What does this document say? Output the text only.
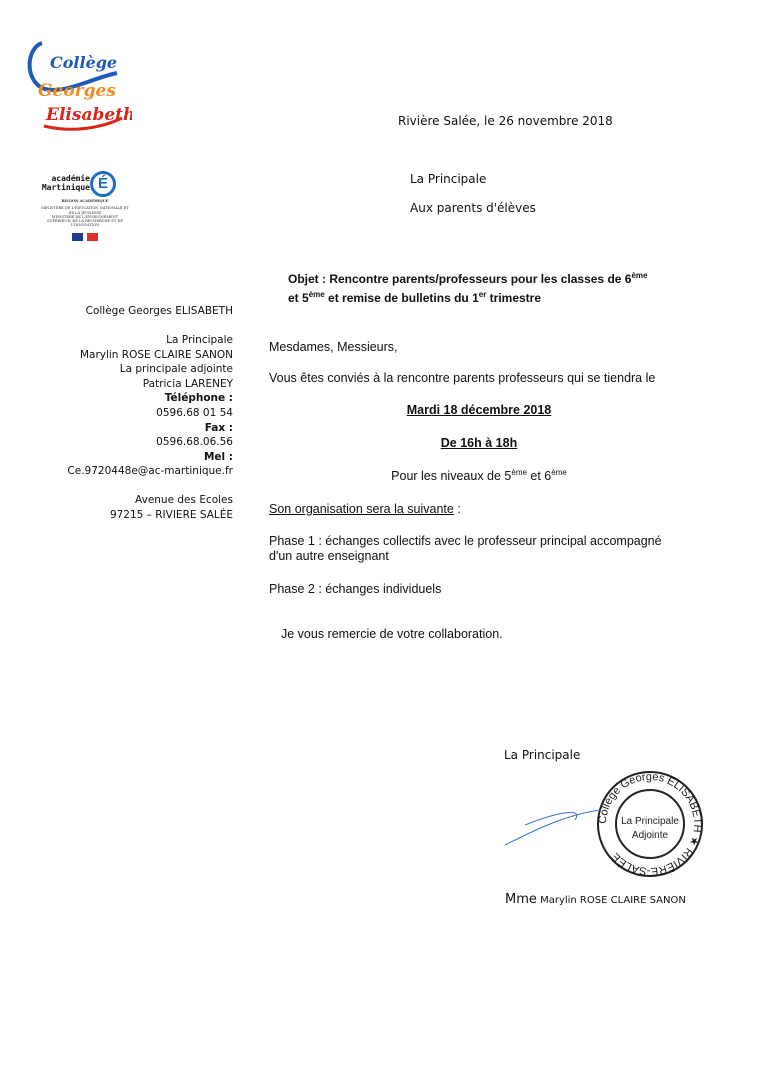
Collège
Georges
Elisabeth
académie
Martinique É
RÉGION ACADÉMIQUE
MINISTÈRE DE L'ÉDUCATION NATIONALE ET DE LA JEUNESSE
MINISTÈRE DE L'ENSEIGNEMENT SUPÉRIEUR, DE LA RECHERCHE ET DE L'INNOVATION
Rivière Salée, le 26 novembre 2018
La Principale
Aux parents d'élèves
Objet : Rencontre parents/professeurs pour les classes de 6ème
et 5ème et remise de bulletins du 1er trimestre
Collège Georges ELISABETH
La Principale
Marylin ROSE CLAIRE SANON
La principale adjointe
Patricia LARENEY
Téléphone :
0596.68 01 54
Fax :
0596.68.06.56
Mel :
Ce.9720448e@ac-martinique.fr
Avenue des Ecoles
97215 – RIVIERE SALÉE
Mesdames, Messieurs,
Vous êtes conviés à la rencontre parents professeurs qui se tiendra le
Mardi 18 décembre 2018
De 16h à 18h
Pour les niveaux de 5ème et 6ème
Son organisation sera la suivante :
Phase 1 : échanges collectifs avec le professeur principal accompagné d'un autre enseignant
Phase 2 : échanges individuels
Je vous remercie de votre collaboration.
La Principale
Collège Georges ELISABETH ★ RIVIÈRE-SALÉE
La Principale
Adjointe
Mme Marylin ROSE CLAIRE SANON
